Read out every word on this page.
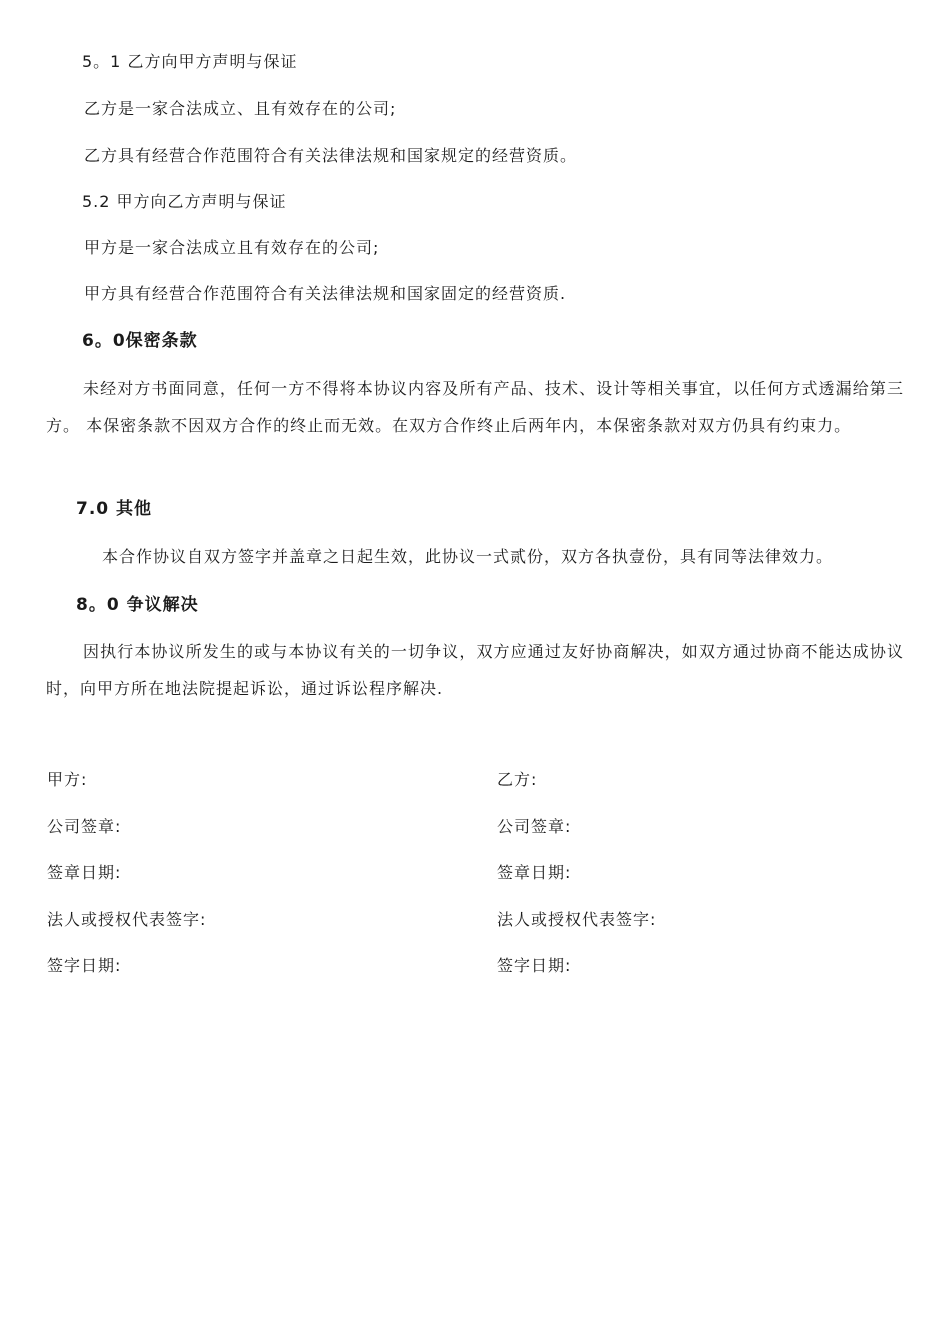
5。1 乙方向甲方声明与保证
乙方是一家合法成立、且有效存在的公司;
乙方具有经营合作范围符合有关法律法规和国家规定的经营资质。
5.2 甲方向乙方声明与保证
甲方是一家合法成立且有效存在的公司;
甲方具有经营合作范围符合有关法律法规和国家固定的经营资质.
6。0保密条款
未经对方书面同意，任何一方不得将本协议内容及所有产品、技术、设计等相关事宜，以任何方式透漏给第三方。 本保密条款不因双方合作的终止而无效。在双方合作终止后两年内，本保密条款对双方仍具有约束力。
7.0 其他
本合作协议自双方签字并盖章之日起生效，此协议一式贰份，双方各执壹份，具有同等法律效力。
8。0 争议解决
因执行本协议所发生的或与本协议有关的一切争议，双方应通过友好协商解决，如双方通过协商不能达成协议时，向甲方所在地法院提起诉讼，通过诉讼程序解决.
甲方:
公司签章:
签章日期:
法人或授权代表签字:
签字日期:
乙方:
公司签章:
签章日期:
法人或授权代表签字:
签字日期:
